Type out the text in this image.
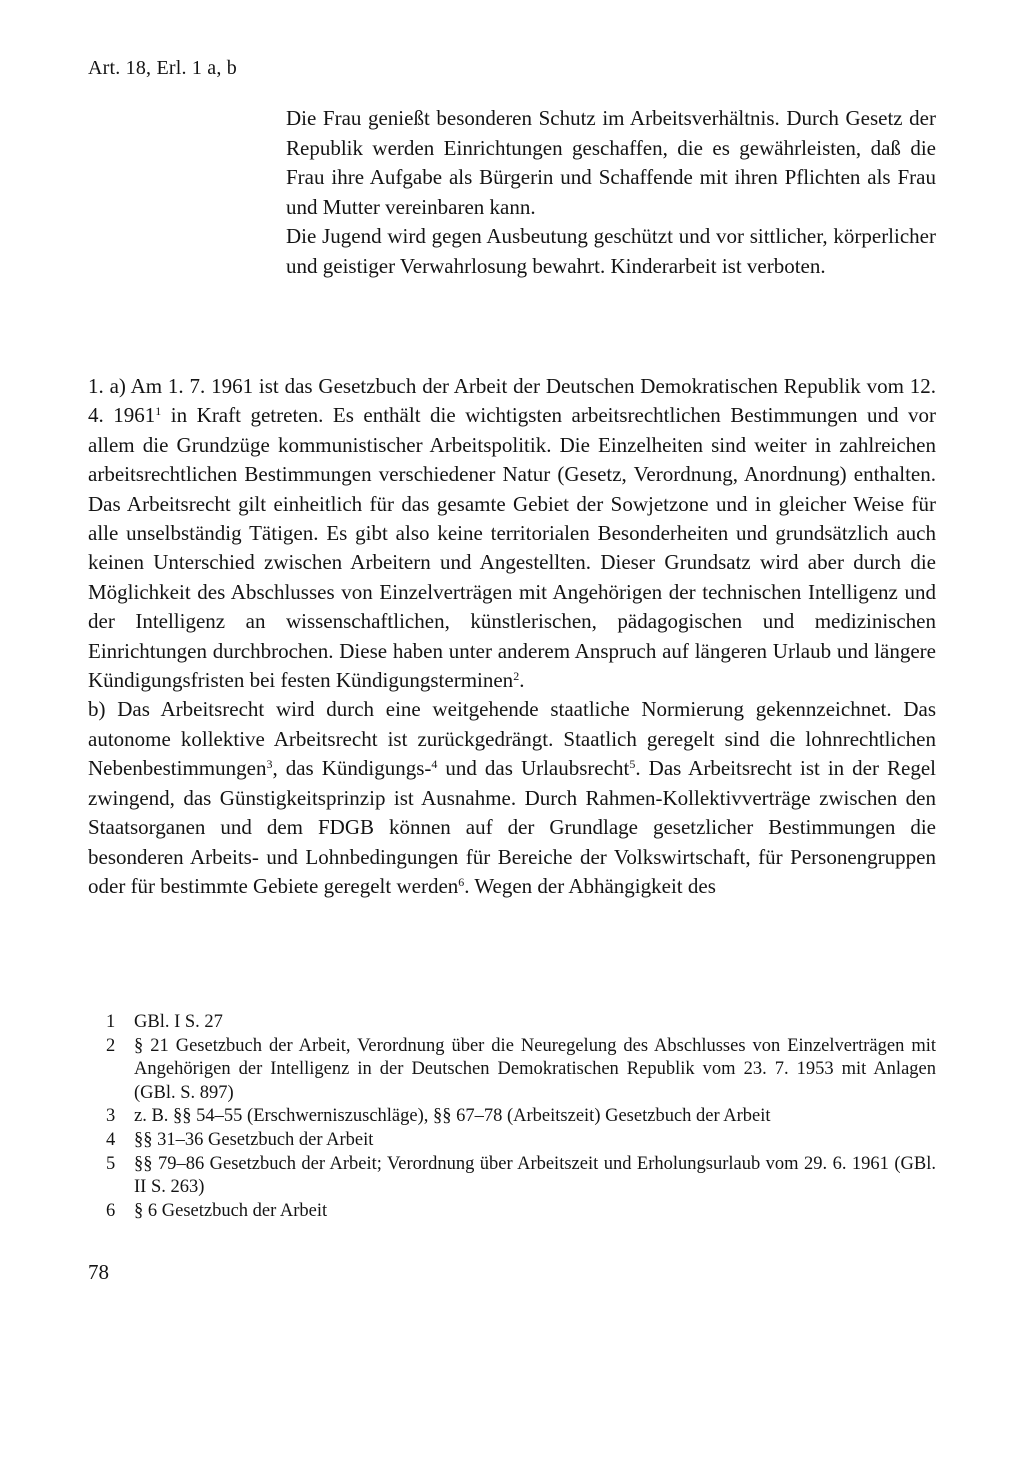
Art. 18, Erl. 1 a, b

Die Frau genießt besonderen Schutz im Arbeitsverhältnis. Durch Gesetz der Republik werden Einrichtungen geschaffen, die es gewährleisten, daß die Frau ihre Aufgabe als Bürgerin und Schaffende mit ihren Pflichten als Frau und Mutter vereinbaren kann.

Die Jugend wird gegen Ausbeutung geschützt und vor sittlicher, körperlicher und geistiger Verwahrlosung bewahrt. Kinderarbeit ist verboten.

1. a) Am 1. 7. 1961 ist das Gesetzbuch der Arbeit der Deutschen Demokratischen Republik vom 12. 4. 1961$^1$ in Kraft getreten. Es enthält die wichtigsten arbeitsrechtlichen Bestimmungen und vor allem die Grundzüge kommunistischer Arbeitspolitik. Die Einzelheiten sind weiter in zahlreichen arbeitsrechtlichen Bestimmungen verschiedener Natur (Gesetz, Verordnung, Anordnung) enthalten. Das Arbeitsrecht gilt einheitlich für das gesamte Gebiet der Sowjetzone und in gleicher Weise für alle unselbständig Tätigen. Es gibt also keine territorialen Besonderheiten und grundsätzlich auch keinen Unterschied zwischen Arbeitern und Angestellten. Dieser Grundsatz wird aber durch die Möglichkeit des Abschlusses von Einzelverträgen mit Angehörigen der technischen Intelligenz und der Intelligenz an wissenschaftlichen, künstlerischen, pädagogischen und medizinischen Einrichtungen durchbrochen. Diese haben unter anderem Anspruch auf längeren Urlaub und längere Kündigungsfristen bei festen Kündigungsterminen$^2$.

b) Das Arbeitsrecht wird durch eine weitgehende staatliche Normierung gekennzeichnet. Das autonome kollektive Arbeitsrecht ist zurückgedrängt. Staatlich geregelt sind die lohnrechtlichen Nebenbestimmungen$^3$, das Kündigungs-$^4$ und das Urlaubsrecht$^5$. Das Arbeitsrecht ist in der Regel zwingend, das Günstigkeitsprinzip ist Ausnahme. Durch Rahmen-Kollektivverträge zwischen den Staatsorganen und dem FDGB können auf der Grundlage gesetzlicher Bestimmungen die besonderen Arbeits- und Lohnbedingungen für Bereiche der Volkswirtschaft, für Personengruppen oder für bestimmte Gebiete geregelt werden$^6$. Wegen der Abhängigkeit des

1 GBl. I S. 27
2 § 21 Gesetzbuch der Arbeit, Verordnung über die Neuregelung des Abschlusses von Einzelverträgen mit Angehörigen der Intelligenz in der Deutschen Demokratischen Republik vom 23. 7. 1953 mit Anlagen (GBl. S. 897)
3 z. B. §§ 54–55 (Erschwerniszuschläge), §§ 67–78 (Arbeitszeit) Gesetzbuch der Arbeit
4 §§ 31–36 Gesetzbuch der Arbeit
5 §§ 79–86 Gesetzbuch der Arbeit; Verordnung über Arbeitszeit und Erholungsurlaub vom 29. 6. 1961 (GBl. II S. 263)
6 § 6 Gesetzbuch der Arbeit
78
